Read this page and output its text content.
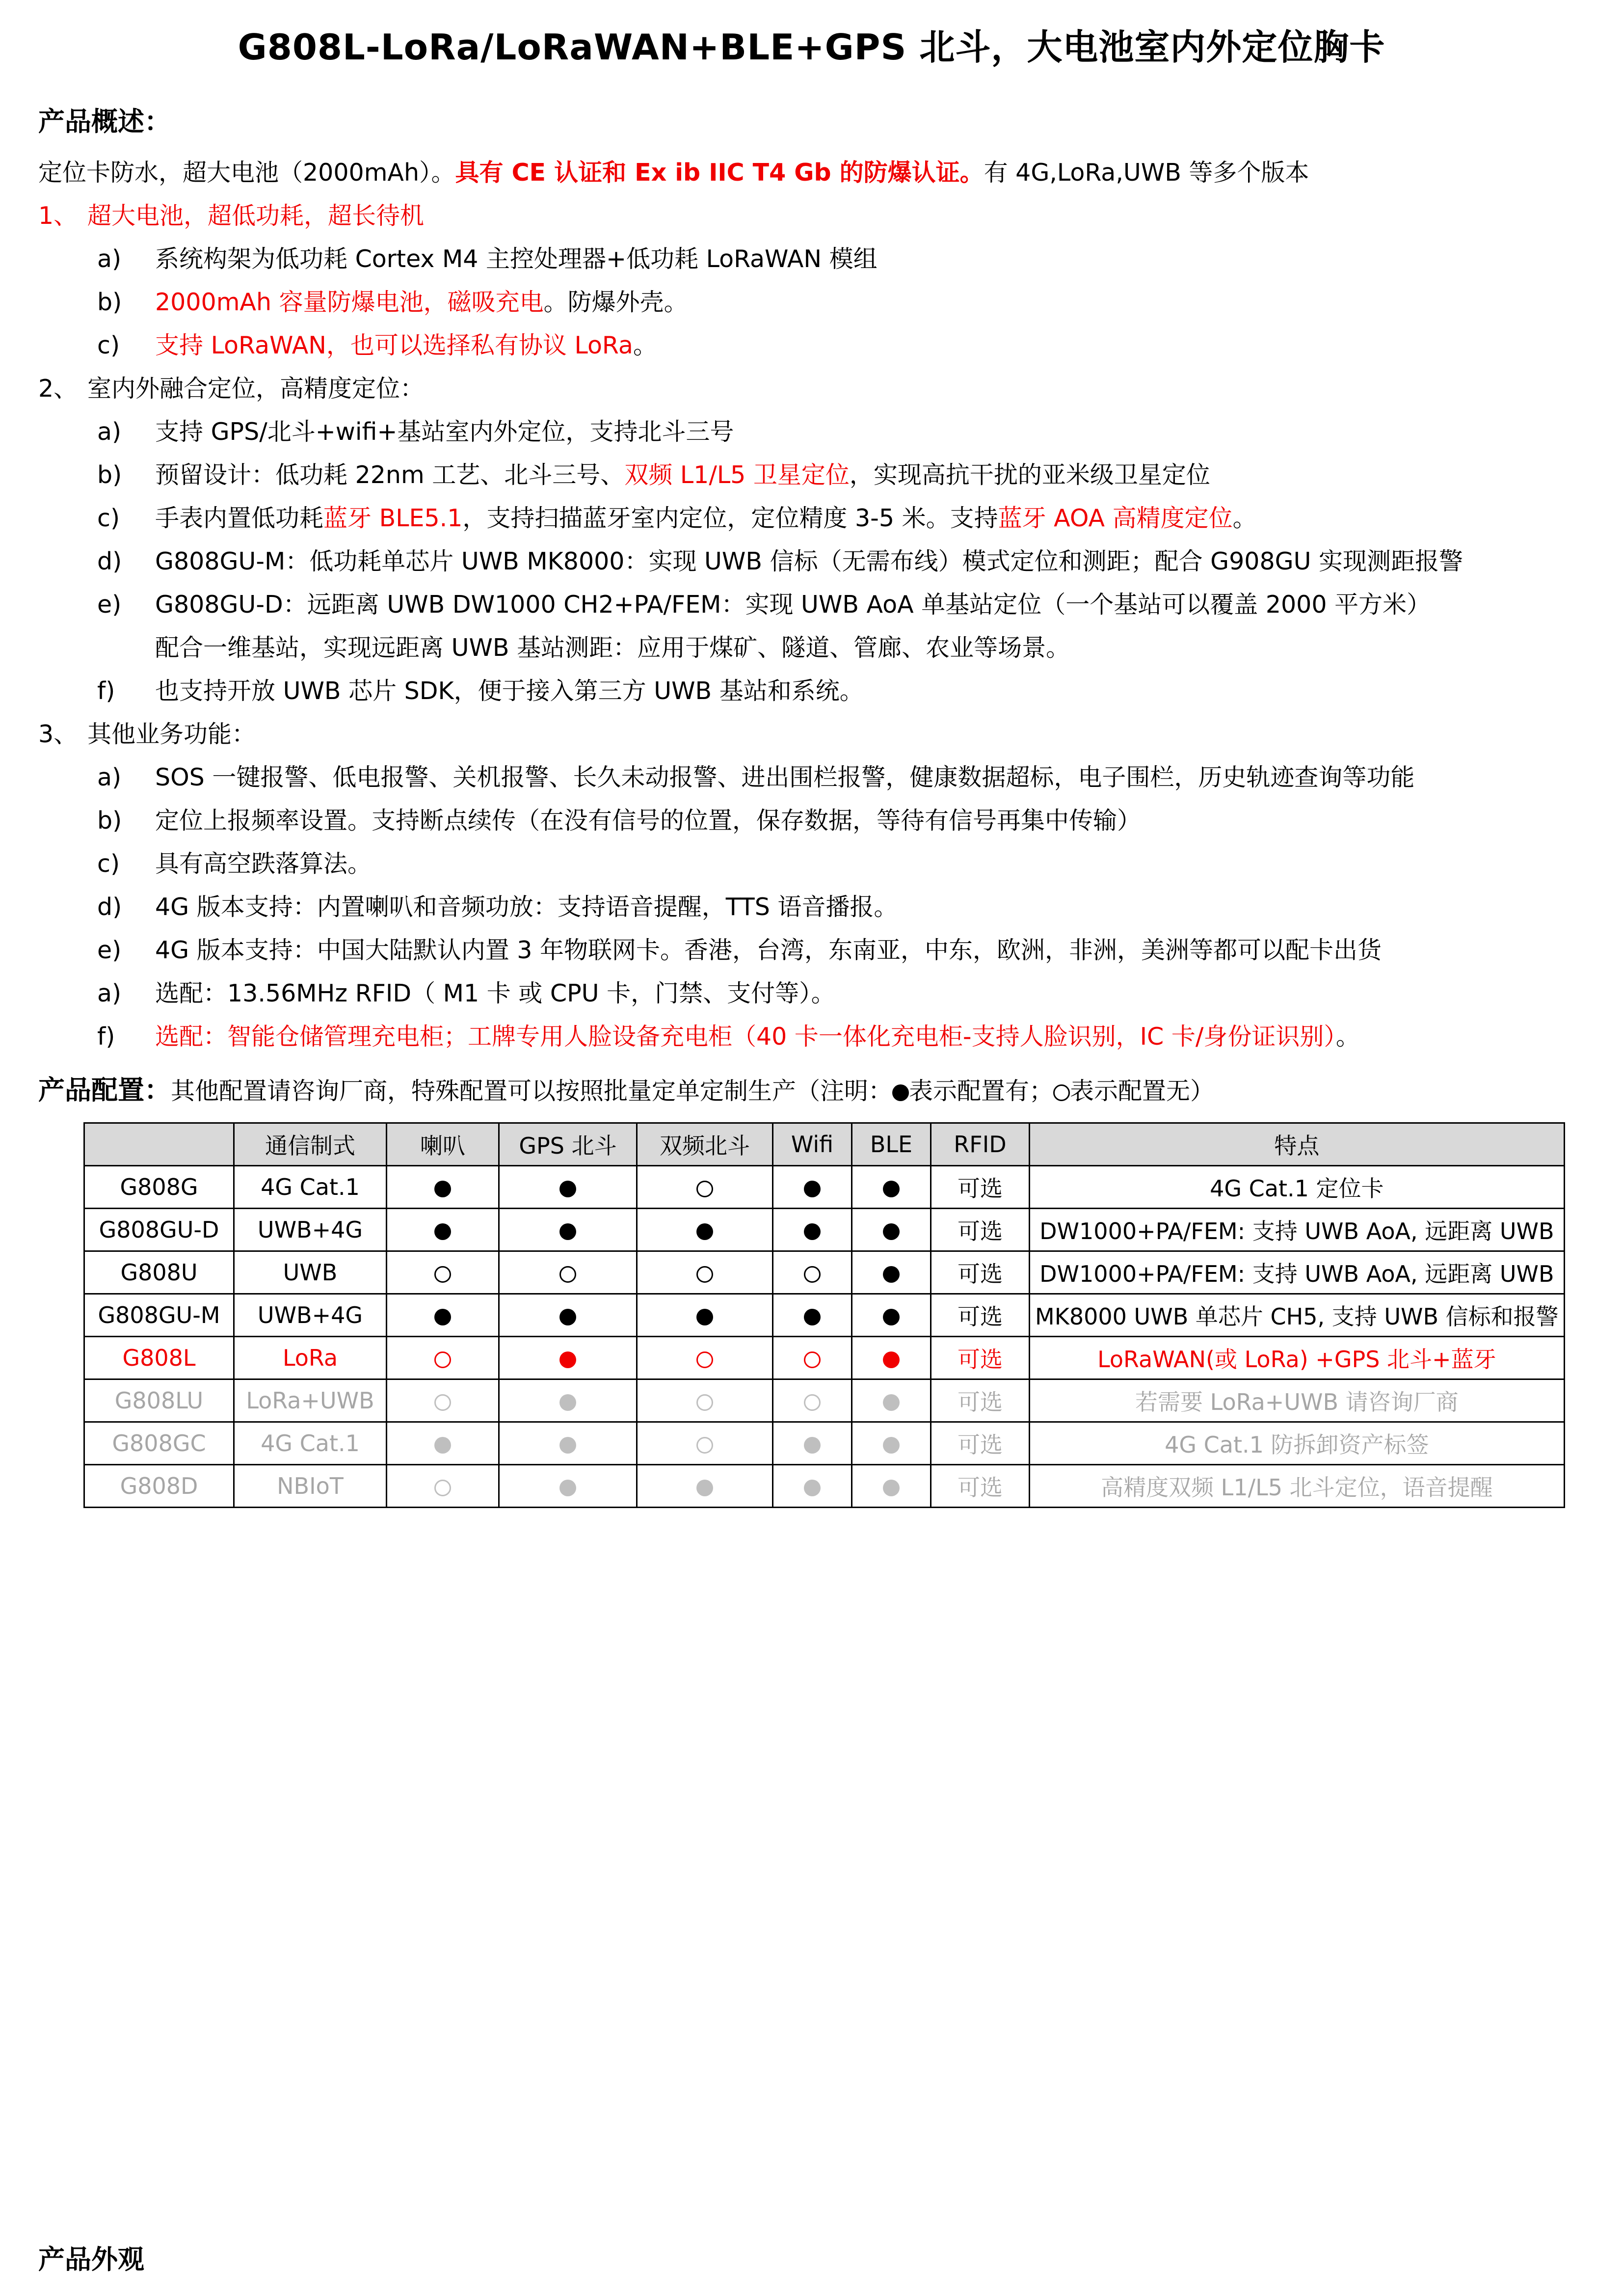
G808L-LoRa/LoRaWAN+BLE+GPS 北斗，大电池室内外定位胸卡
产品概述：
定位卡防水，超大电池（2000mAh）。具有 CE 认证和 Ex ib IIC T4 Gb 的防爆认证。有 4G,LoRa,UWB 等多个版本
1、 超大电池，超低功耗，超长待机
a) 系统构架为低功耗 Cortex M4 主控处理器+低功耗 LoRaWAN 模组
b) 2000mAh 容量防爆电池，磁吸充电。防爆外壳。
c) 支持 LoRaWAN，也可以选择私有协议 LoRa。
2、 室内外融合定位，高精度定位：
a) 支持 GPS/北斗+wifi+基站室内外定位，支持北斗三号
b) 预留设计：低功耗 22nm 工艺、北斗三号、双频 L1/L5 卫星定位，实现高抗干扰的亚米级卫星定位
c) 手表内置低功耗蓝牙 BLE5.1，支持扫描蓝牙室内定位，定位精度 3-5 米。支持蓝牙 AOA 高精度定位。
d) G808GU-M：低功耗单芯片 UWB MK8000：实现 UWB 信标（无需布线）模式定位和测距；配合 G908GU 实现测距报警
e) G808GU-D：远距离 UWB DW1000 CH2+PA/FEM：实现 UWB AoA 单基站定位（一个基站可以覆盖 2000 平方米）
配合一维基站，实现远距离 UWB 基站测距：应用于煤矿、隧道、管廊、农业等场景。
f) 也支持开放 UWB 芯片 SDK，便于接入第三方 UWB 基站和系统。
3、 其他业务功能：
a) SOS 一键报警、低电报警、关机报警、长久未动报警、进出围栏报警，健康数据超标，电子围栏，历史轨迹查询等功能
b) 定位上报频率设置。支持断点续传（在没有信号的位置，保存数据，等待有信号再集中传输）
c) 具有高空跌落算法。
d) 4G 版本支持：内置喇叭和音频功放：支持语音提醒，TTS 语音播报。
e) 4G 版本支持：中国大陆默认内置 3 年物联网卡。香港，台湾，东南亚，中东，欧洲，非洲，美洲等都可以配卡出货
a) 选配：13.56MHz RFID（ M1 卡 或 CPU 卡，门禁、支付等）。
f) 选配：智能仓储管理充电柜；工牌专用人脸设备充电柜（40 卡一体化充电柜-支持人脸识别，IC 卡/身份证识别）。
产品配置：其他配置请咨询厂商，特殊配置可以按照批量定单定制生产（注明： 表示配置有； 表示配置无）
	通信制式	喇叭	GPS 北斗	双频北斗	Wifi	BLE	RFID	特点
G808G	4G Cat.1						可选	4G Cat.1 定位卡
G808GU-D	UWB+4G						可选	DW1000+PA/FEM: 支持 UWB AoA, 远距离 UWB
G808U	UWB						可选	DW1000+PA/FEM: 支持 UWB AoA, 远距离 UWB
G808GU-M	UWB+4G						可选	MK8000 UWB 单芯片 CH5, 支持 UWB 信标和报警
G808L	LoRa						可选	LoRaWAN(或 LoRa) +GPS 北斗+蓝牙
G808LU	LoRa+UWB						可选	若需要 LoRa+UWB 请咨询厂商
G808GC	4G Cat.1						可选	4G Cat.1 防拆卸资产标签
G808D	NBIoT						可选	高精度双频 L1/L5 北斗定位，语音提醒
产品外观
